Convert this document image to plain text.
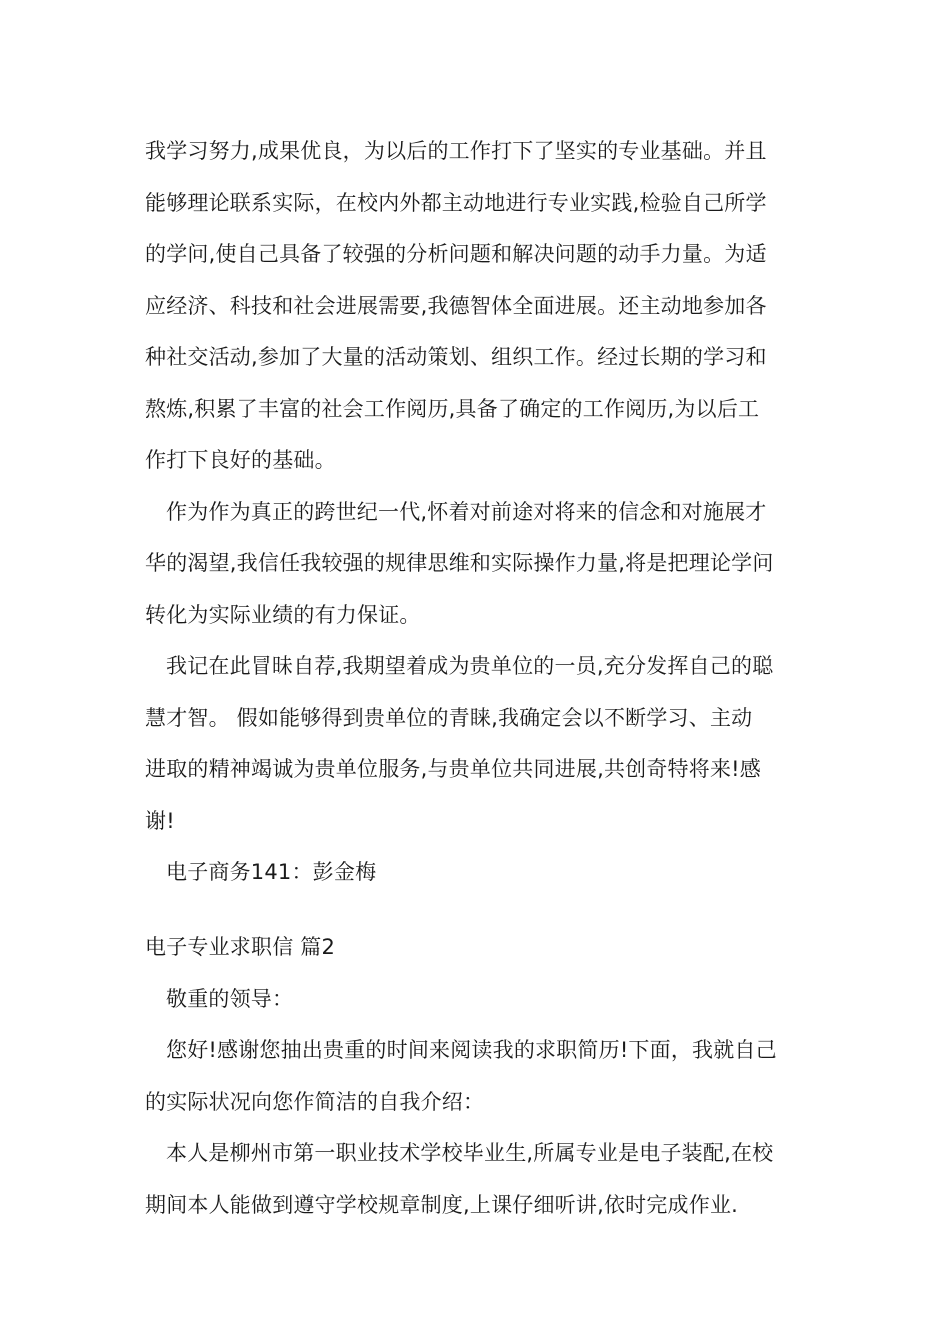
我学习努力,成果优良，为以后的工作打下了坚实的专业基础。并且
能够理论联系实际，在校内外都主动地进行专业实践,检验自己所学
的学问,使自己具备了较强的分析问题和解决问题的动手力量。为适
应经济、科技和社会进展需要,我德智体全面进展。还主动地参加各
种社交活动,参加了大量的活动策划、组织工作。经过长期的学习和
熬炼,积累了丰富的社会工作阅历,具备了确定的工作阅历,为以后工
作打下良好的基础。
作为作为真正的跨世纪一代,怀着对前途对将来的信念和对施展才
华的渴望,我信任我较强的规律思维和实际操作力量,将是把理论学问
转化为实际业绩的有力保证。
我记在此冒昧自荐,我期望着成为贵单位的一员,充分发挥自己的聪
慧才智。 假如能够得到贵单位的青睐,我确定会以不断学习、主动
进取的精神竭诚为贵单位服务,与贵单位共同进展,共创奇特将来!感
谢!
电子商务141：彭金梅
电子专业求职信 篇2
敬重的领导：
您好!感谢您抽出贵重的时间来阅读我的求职简历!下面，我就自己
的实际状况向您作简洁的自我介绍：
本人是柳州市第一职业技术学校毕业生,所属专业是电子装配,在校
期间本人能做到遵守学校规章制度,上课仔细听讲,依时完成作业.
